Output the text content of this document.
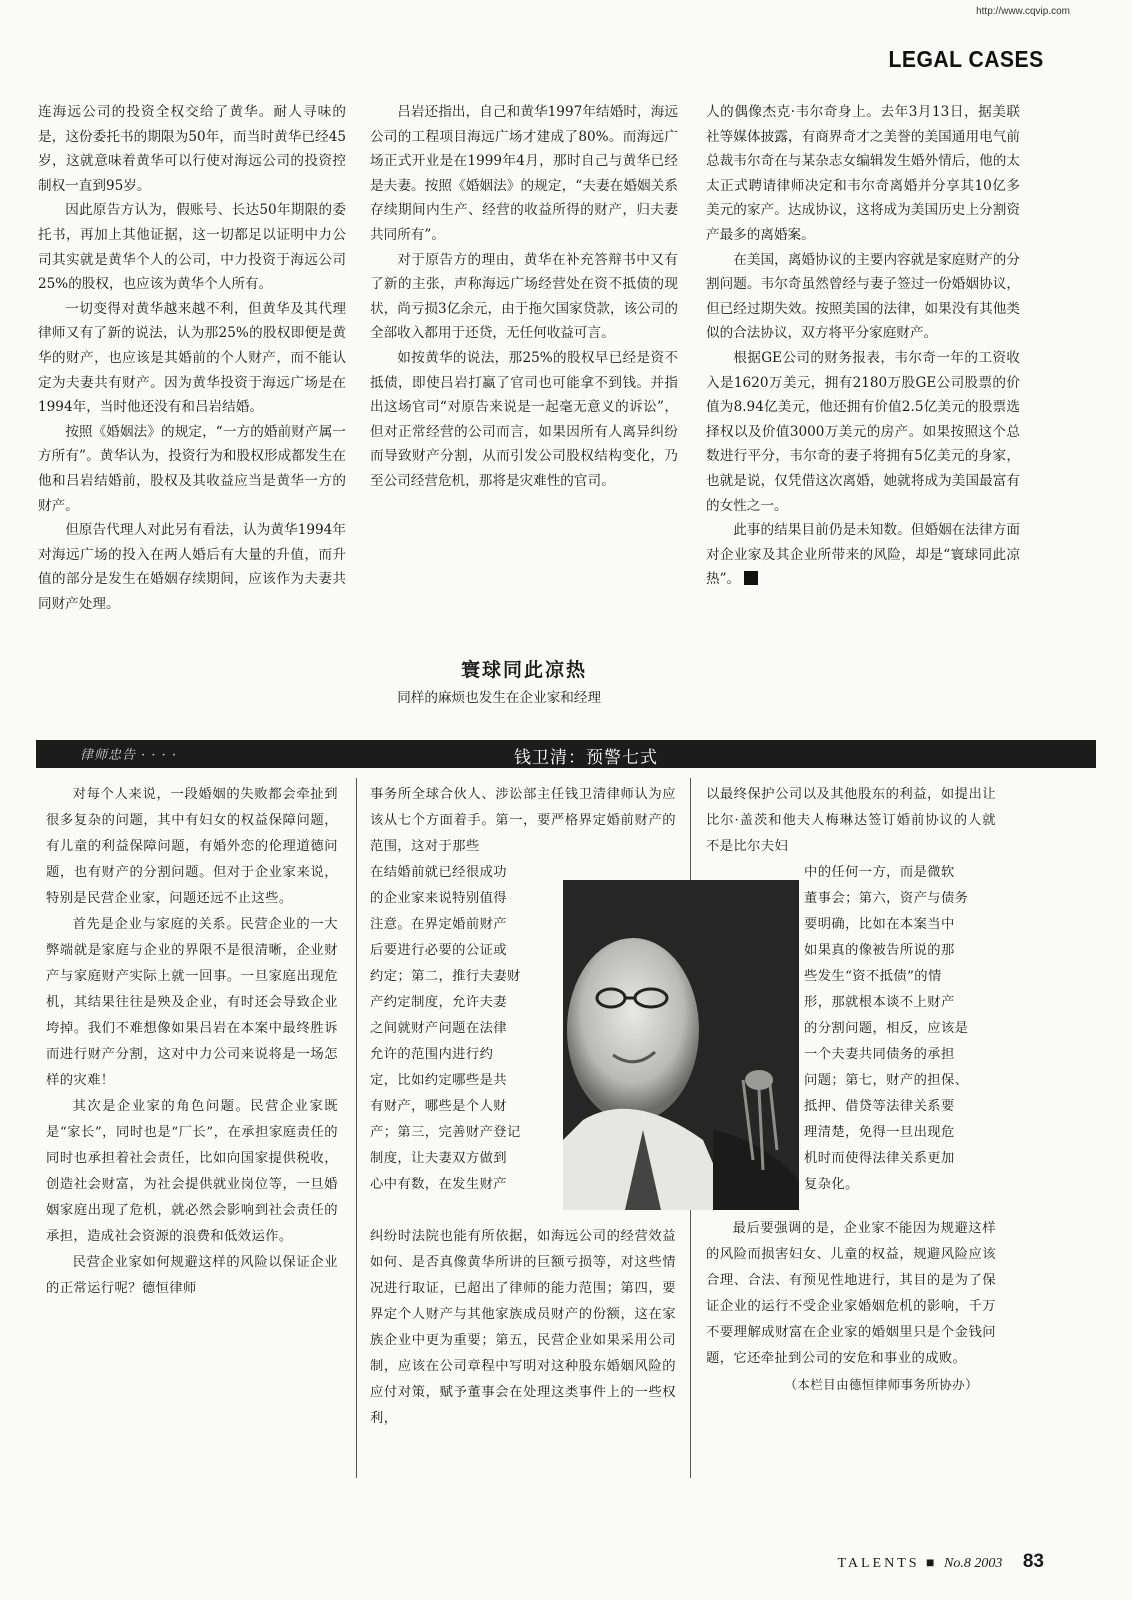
http://www.cqvip.com
LEGAL CASES

连海远公司的投资全权交给了黄华。耐人寻味的是，这份委托书的期限为50年，而当时黄华已经45岁，这就意味着黄华可以行使对海远公司的投资控制权一直到95岁。

因此原告方认为，假账号、长达50年期限的委托书，再加上其他证据，这一切都足以证明中力公司其实就是黄华个人的公司，中力投资于海远公司25%的股权，也应该为黄华个人所有。

一切变得对黄华越来越不利，但黄华及其代理律师又有了新的说法，认为那25%的股权即便是黄华的财产，也应该是其婚前的个人财产，而不能认定为夫妻共有财产。因为黄华投资于海远广场是在1994年，当时他还没有和吕岩结婚。

按照《婚姻法》的规定，“一方的婚前财产属一方所有”。黄华认为，投资行为和股权形成都发生在他和吕岩结婚前，股权及其收益应当是黄华一方的财产。

但原告代理人对此另有看法，认为黄华1994年对海远广场的投入在两人婚后有大量的升值，而升值的部分是发生在婚姻存续期间，应该作为夫妻共同财产处理。

吕岩还指出，自己和黄华1997年结婚时，海远公司的工程项目海远广场才建成了80%。而海远广场正式开业是在1999年4月，那时自己与黄华已经是夫妻。按照《婚姻法》的规定，“夫妻在婚姻关系存续期间内生产、经营的收益所得的财产，归夫妻共同所有”。

对于原告方的理由，黄华在补充答辩书中又有了新的主张，声称海远广场经营处在资不抵债的现状，尚亏损3亿余元，由于拖欠国家贷款，该公司的全部收入都用于还贷，无任何收益可言。

如按黄华的说法，那25%的股权早已经是资不抵债，即使吕岩打赢了官司也可能拿不到钱。并指出这场官司“对原告来说是一起毫无意义的诉讼”，但对正常经营的公司而言，如果因所有人离异纠纷而导致财产分割，从而引发公司股权结构变化，乃至公司经营危机，那将是灾难性的官司。

寰球同此凉热

同样的麻烦也发生在企业家和经理

人的偶像杰克·韦尔奇身上。去年3月13日，据美联社等媒体披露，有商界奇才之美誉的美国通用电气前总裁韦尔奇在与某杂志女编辑发生婚外情后，他的太太正式聘请律师决定和韦尔奇离婚并分享其10亿多美元的家产。达成协议，这将成为美国历史上分割资产最多的离婚案。

在美国，离婚协议的主要内容就是家庭财产的分割问题。韦尔奇虽然曾经与妻子签过一份婚姻协议，但已经过期失效。按照美国的法律，如果没有其他类似的合法协议，双方将平分家庭财产。

根据GE公司的财务报表，韦尔奇一年的工资收入是1620万美元，拥有2180万股GE公司股票的价值为8.94亿美元，他还拥有价值2.5亿美元的股票选择权以及价值3000万美元的房产。如果按照这个总数进行平分，韦尔奇的妻子将拥有5亿美元的身家，也就是说，仅凭借这次离婚，她就将成为美国最富有的女性之一。

此事的结果目前仍是未知数。但婚姻在法律方面对企业家及其企业所带来的风险，却是“寰球同此凉热”。

律师忠告 · · · ·	钱卫清：预警七式

对每个人来说，一段婚姻的失败都会牵扯到很多复杂的问题，其中有妇女的权益保障问题，有儿童的利益保障问题，有婚外恋的伦理道德问题，也有财产的分割问题。但对于企业家来说，特别是民营企业家，问题还远不止这些。

首先是企业与家庭的关系。民营企业的一大弊端就是家庭与企业的界限不是很清晰，企业财产与家庭财产实际上就一回事。一旦家庭出现危机，其结果往往是殃及企业，有时还会导致企业垮掉。我们不难想像如果吕岩在本案中最终胜诉而进行财产分割，这对中力公司来说将是一场怎样的灾难！

其次是企业家的角色问题。民营企业家既是“家长”，同时也是“厂长”，在承担家庭责任的同时也承担着社会责任，比如向国家提供税收，创造社会财富，为社会提供就业岗位等，一旦婚姻家庭出现了危机，就必然会影响到社会责任的承担，造成社会资源的浪费和低效运作。

民营企业家如何规避这样的风险以保证企业的正常运行呢？德恒律师

事务所全球合伙人、涉讼部主任钱卫清律师认为应该从七个方面着手。第一，要严格界定婚前财产的范围，这对于那些

在结婚前就已经很成功
的企业家来说特别值得
注意。在界定婚前财产
后要进行必要的公证或
约定；第二，推行夫妻财
产约定制度，允许夫妻
之间就财产问题在法律
允许的范围内进行约
定，比如约定哪些是共
有财产，哪些是个人财
产；第三，完善财产登记
制度，让夫妻双方做到
心中有数，在发生财产

纠纷时法院也能有所依据，如海远公司的经营效益如何、是否真像黄华所讲的巨额亏损等，对这些情况进行取证，已超出了律师的能力范围；第四，要界定个人财产与其他家族成员财产的份额，这在家族企业中更为重要；第五，民营企业如果采用公司制，应该在公司章程中写明对这种股东婚姻风险的应付对策，赋予董事会在处理这类事件上的一些权利，

以最终保护公司以及其他股东的利益，如提出让比尔·盖茨和他夫人梅琳达签订婚前协议的人就不是比尔夫妇

中的任何一方，而是微软
董事会；第六，资产与债务
要明确，比如在本案当中
如果真的像被告所说的那
些发生“资不抵债”的情
形，那就根本谈不上财产
的分割问题，相反，应该是
一个夫妻共同债务的承担
问题；第七，财产的担保、
抵押、借贷等法律关系要
理清楚，免得一旦出现危
机时而使得法律关系更加
复杂化。

最后要强调的是，企业家不能因为规避这样的风险而损害妇女、儿童的权益，规避风险应该合理、合法、有预见性地进行，其目的是为了保证企业的运行不受企业家婚姻危机的影响，千万不要理解成财富在企业家的婚姻里只是个金钱问题，它还牵扯到公司的安危和事业的成败。

（本栏目由德恒律师事务所协办）

TALENTS ■ No.8 2003 83
